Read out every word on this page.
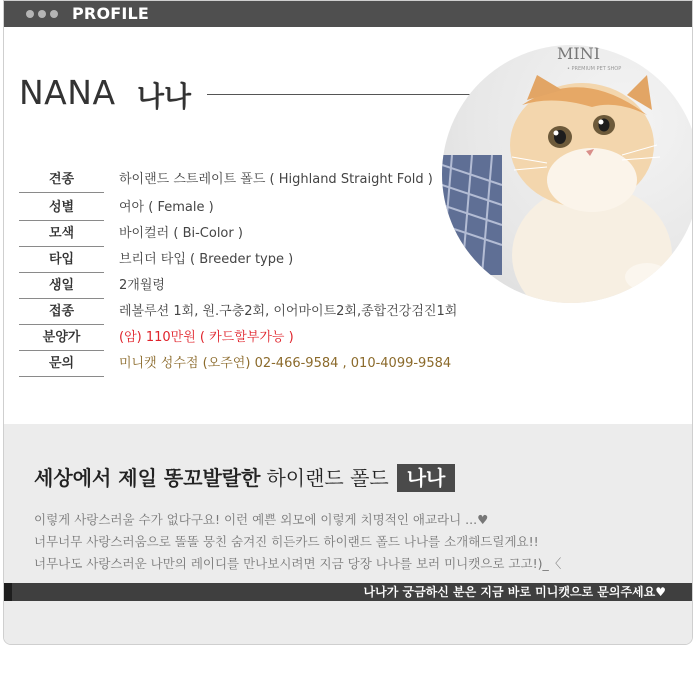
PROFILE
NANA 나나
MINI
• PREMIUM PET SHOP
견종	하이랜드 스트레이트 폴드 ( Highland Straight Fold )
성별	여아 ( Female )
모색	바이컬러 ( Bi-Color )
타입	브리더 타입 ( Breeder type )
생일	2개월령
접종	레볼루션 1회, 원.구충2회, 이어마이트2회,종합건강검진1회
분양가	(암) 110만원 ( 카드할부가능 )
문의	미니캣 성수점 (오주연) 02-466-9584 , 010-4099-9584
세상에서 제일 똥꼬발랄한 하이랜드 폴드 나나
이렇게 사랑스러울 수가 없다구요! 이런 예쁜 외모에 이렇게 치명적인 애교라니 ...♥
너무너무 사랑스러움으로 똘똘 뭉친 숨겨진 히든카드 하이랜드 폴드 나나를 소개해드릴게요!!
너무나도 사랑스러운 나만의 레이디를 만나보시려면 지금 당장 나나를 보러 미니캣으로 고고!)_〈
나나가 궁금하신 분은 지금 바로 미니캣으로 문의주세요♥
